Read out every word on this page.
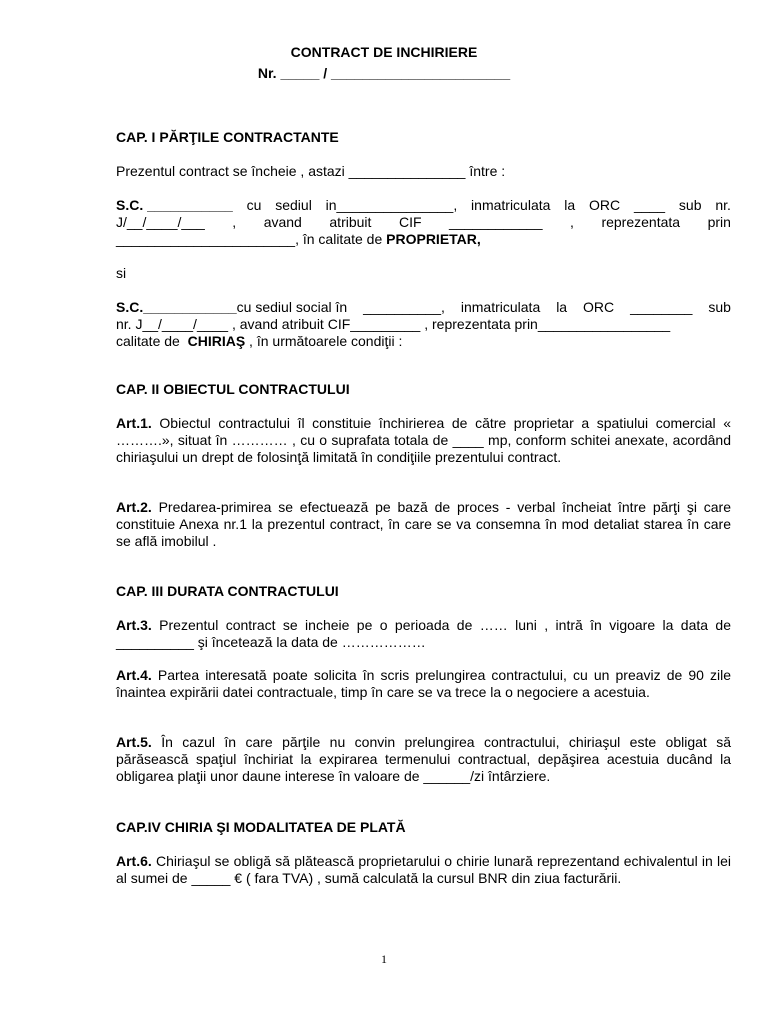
CONTRACT DE INCHIRIERE
Nr. _____ / _______________________
CAP. I PĂRŢILE CONTRACTANTE
Prezentul contract se încheie , astazi _______________ între :
S.C. ___________ cu sediul in_______________, inmatriculata la ORC ____ sub nr.
J/__/____/___ , avand atribuit CIF ____________ , reprezentata prin
_______________________, în calitate de PROPRIETAR,
si
S.C.____________ cu sediul social în __________, inmatriculata la ORC ________ sub
nr. J__/____/____ , avand atribuit CIF_________ , reprezentata prin_________________
calitate de  CHIRIAŞ , în următoarele condiţii :
CAP. II OBIECTUL CONTRACTULUI
Art.1. Obiectul contractului îl constituie închirierea de către proprietar a spatiului comercial « ……….», situat în ………… , cu o suprafata totala de ____ mp, conform schitei anexate, acordând chiriaşului un drept de folosinţă limitată în condiţiile prezentului contract.
Art.2. Predarea-primirea se efectuează pe bază de proces - verbal încheiat între părţi şi care constituie Anexa nr.1 la prezentul contract, în care se va consemna în mod detaliat starea în care se află imobilul .
CAP. III DURATA CONTRACTULUI
Art.3. Prezentul contract se incheie pe o perioada de …… luni , intră în vigoare la data de __________ şi încetează la data de ………………
Art.4. Partea interesată poate solicita în scris prelungirea contractului, cu un preaviz de 90 zile înaintea expirării datei contractuale, timp în care se va trece la o negociere a acestuia.
Art.5. În cazul în care părţile nu convin prelungirea contractului, chiriaşul este obligat să părăsească spaţiul închiriat la expirarea termenului contractual, depăşirea acestuia ducând la obligarea plaţii unor daune interese în valoare de ______/zi întârziere.
CAP.IV CHIRIA ŞI MODALITATEA DE PLATĂ
Art.6. Chiriaşul se obligă să plătească proprietarului o chirie lunară reprezentand echivalentul in lei al sumei de _____ € ( fara TVA) , sumă calculată la cursul BNR din ziua facturării.
1
